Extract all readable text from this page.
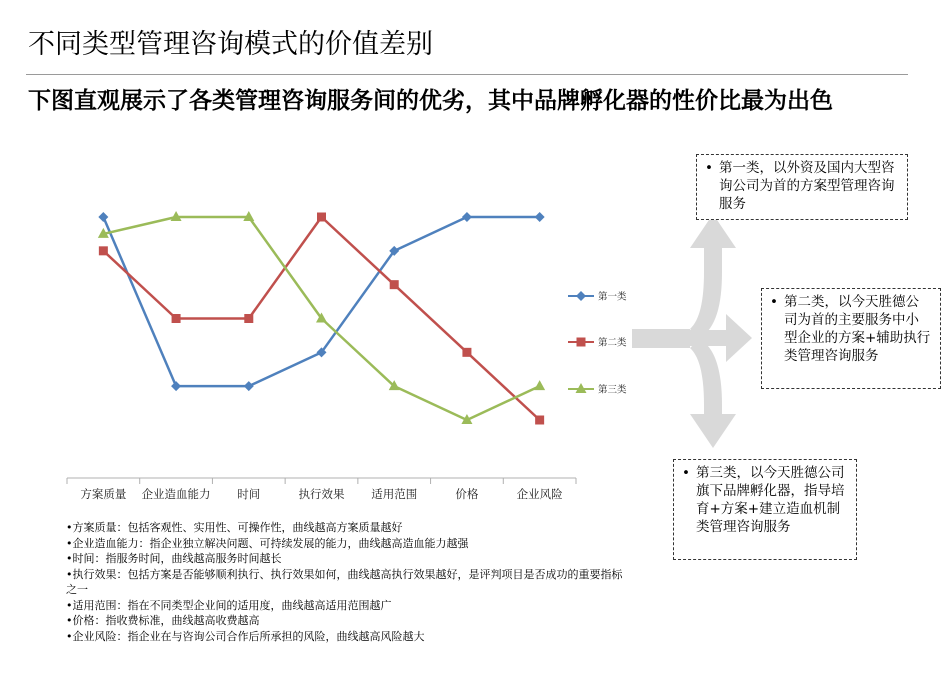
不同类型管理咨询模式的价值差别
下图直观展示了各类管理咨询服务间的优劣，其中品牌孵化器的性价比最为出色
方案质量 企业造血能力 时间	执行效果 适用范围	价格	企业风险
第一类
第二类
第三类
•方案质量：包括客观性、实用性、可操作性，曲线越高方案质量越好
•企业造血能力：指企业独立解决问题、可持续发展的能力，曲线越高造血能力越强
•时间：指服务时间，曲线越高服务时间越长
•执行效果：包括方案是否能够顺利执行、执行效果如何，曲线越高执行效果越好，是评判项目是否成功的重要指标之一
•适用范围：指在不同类型企业间的适用度，曲线越高适用范围越广
•价格：指收费标准，曲线越高收费越高
•企业风险：指企业在与咨询公司合作后所承担的风险，曲线越高风险越大
• 第一类，以外资及国内大型咨询公司为首的方案型管理咨询服务
• 第二类，以今天胜德公司为首的主要服务中小型企业的方案+辅助执行类管理咨询服务
• 第三类，以今天胜德公司旗下品牌孵化器，指导培育+方案+建立造血机制类管理咨询服务
